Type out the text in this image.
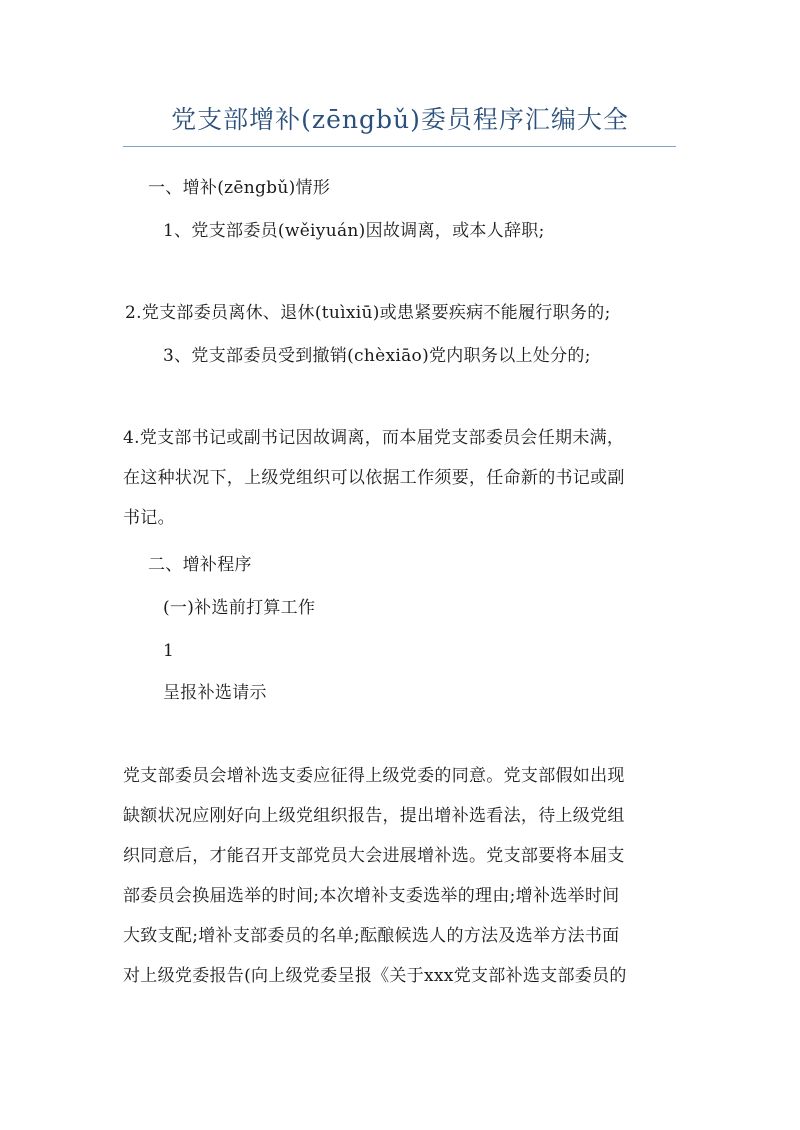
党支部增补(zēngbǔ)委员程序汇编大全
一、增补(zēngbǔ)情形
1、党支部委员(wěiyuán)因故调离，或本人辞职;
2.党支部委员离休、退休(tuìxiū)或患紧要疾病不能履行职务的;
3、党支部委员受到撤销(chèxiāo)党内职务以上处分的;
4.党支部书记或副书记因故调离，而本届党支部委员会任期未满，
在这种状况下，上级党组织可以依据工作须要，任命新的书记或副
书记。
二、增补程序
(一)补选前打算工作
1
呈报补选请示
党支部委员会增补选支委应征得上级党委的同意。党支部假如出现
缺额状况应刚好向上级党组织报告，提出增补选看法，待上级党组
织同意后，才能召开支部党员大会进展增补选。党支部要将本届支
部委员会换届选举的时间;本次增补支委选举的理由;增补选举时间
大致支配;增补支部委员的名单;酝酿候选人的方法及选举方法书面
对上级党委报告(向上级党委呈报《关于xxx党支部补选支部委员的
